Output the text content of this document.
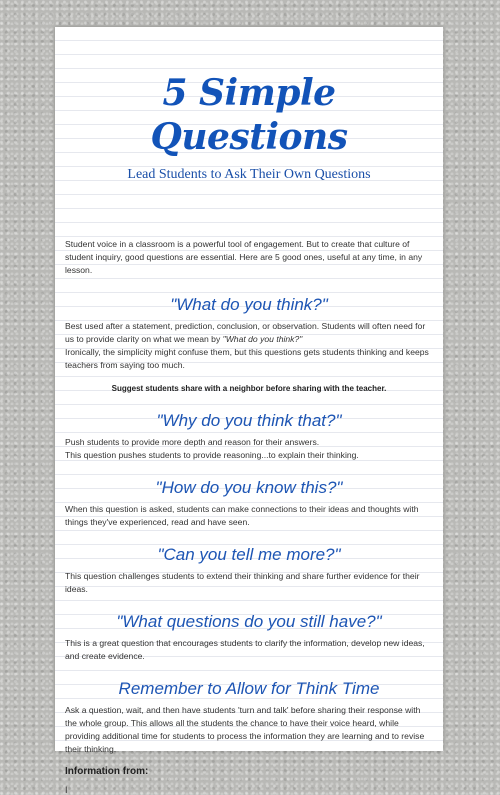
5 Simple Questions
Lead Students to Ask Their Own Questions

Student voice in a classroom is a powerful tool of engagement. But to create that culture of student inquiry, good questions are essential. Here are 5 good ones, useful at any time, in any lesson.

"What do you think?"

Best used after a statement, prediction, conclusion, or observation. Students will often need for us to provide clarity on what we mean by "What do you think?"

Ironically, the simplicity might confuse them, but this questions gets students thinking and keeps teachers from saying too much.

Suggest students share with a neighbor before sharing with the teacher.

"Why do you think that?"

Push students to provide more depth and reason for their answers.

This question pushes students to provide reasoning...to explain their thinking.

"How do you know this?"

When this question is asked, students can make connections to their ideas and thoughts with things they've experienced, read and have seen.

"Can you tell me more?"

This question challenges students to extend their thinking and share further evidence for their ideas.

"What questions do you still have?"

This is a great question that encourages students to clarify the information, develop new ideas, and create evidence.

Remember to Allow for Think Time

Ask a question, wait, and then have students 'turn and talk' before sharing their response with the whole group. This allows all the students the chance to have their voice heard, while providing additional time for students to process the information they are learning and to revise their thinking.

Information from:
I
